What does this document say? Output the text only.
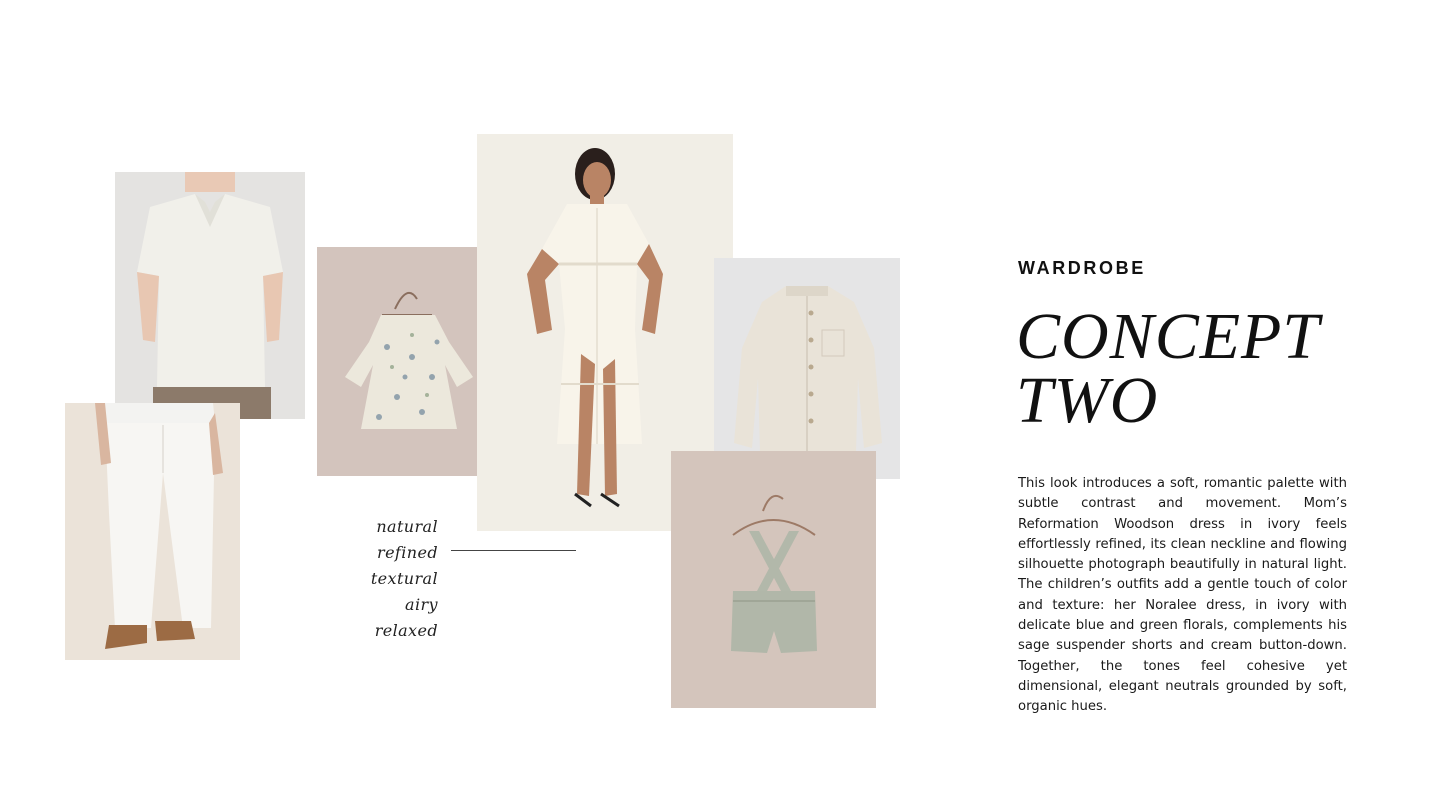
natural
refined
textural
airy
relaxed
WARDROBE
CONCEPT
TWO
This look introduces a soft, romantic palette with subtle contrast and movement. Mom’s Reformation Woodson dress in ivory feels effortlessly refined, its clean neckline and flowing silhouette photograph beautifully in natural light. The children’s outfits add a gentle touch of color and texture: her Noralee dress, in ivory with delicate blue and green florals, complements his sage suspender shorts and cream button-down. Together, the tones feel cohesive yet dimensional, elegant neutrals grounded by soft, organic hues.
